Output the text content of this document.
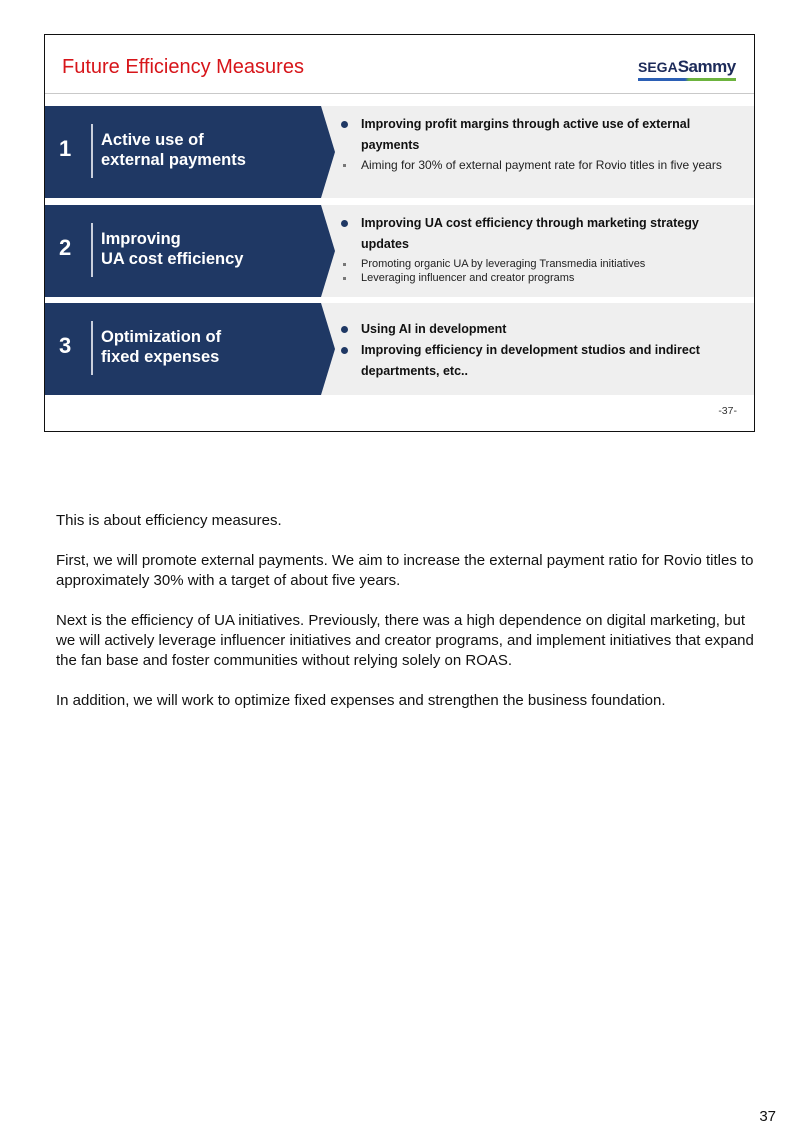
Future Efficiency Measures	SEGASammy
1 Active use of
external payments
Improving profit margins through active use of external payments
Aiming for 30% of external payment rate for Rovio titles in five years
2 Improving
UA cost efficiency
Improving UA cost efficiency through marketing strategy updates
Promoting organic UA by leveraging Transmedia initiatives
Leveraging influencer and creator programs
3 Optimization of
fixed expenses
Using AI in development
Improving efficiency in development studios and indirect departments, etc..
-37-

This is about efficiency measures.

First, we will promote external payments. We aim to increase the external payment ratio for Rovio titles to approximately 30% with a target of about five years.

Next is the efficiency of UA initiatives. Previously, there was a high dependence on digital marketing, but we will actively leverage influencer initiatives and creator programs, and implement initiatives that expand the fan base and foster communities without relying solely on ROAS.

In addition, we will work to optimize fixed expenses and strengthen the business foundation.

37
